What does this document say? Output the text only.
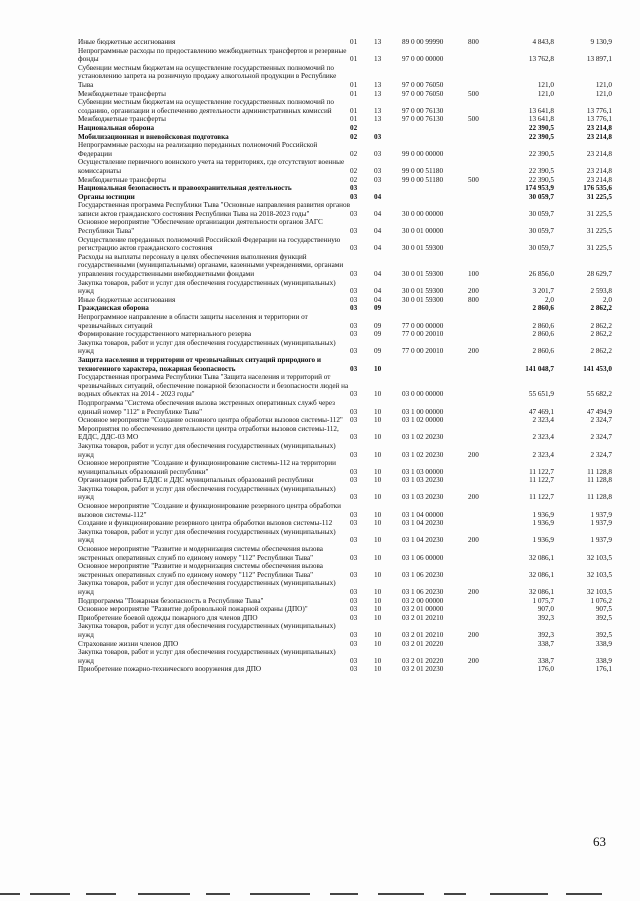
Иные бюджетные ассигнования	01	13	89 0 00 99990	800	4 843,8	9 130,9
Непрограммные расходы по предоставлению межбюджетных трансфертов и резервные фонды	01	13	97 0 00 00000		13 762,8	13 897,1
Субвенции местным бюджетам на осуществление государственных полномочий по установлению запрета на розничную продажу алкогольной продукции в Республике Тыва	01	13	97 0 00 76050		121,0	121,0
Межбюджетные трансферты	01	13	97 0 00 76050	500	121,0	121,0
Субвенции местным бюджетам на осуществление государственных полномочий по созданию, организации и обеспечению деятельности административных комиссий	01	13	97 0 00 76130		13 641,8	13 776,1
Межбюджетные трансферты	01	13	97 0 00 76130	500	13 641,8	13 776,1
Национальная оборона	02				22 390,5	23 214,8
Мобилизационная и вневойсковая подготовка	02	03			22 390,5	23 214,8
Непрограммные расходы на реализацию переданных полномочий Российской Федерации	02	03	99 0 00 00000		22 390,5	23 214,8
Осуществление первичного воинского учета на территориях, где отсутствуют военные комиссариаты	02	03	99 0 00 51180		22 390,5	23 214,8
Межбюджетные трансферты	02	03	99 0 00 51180	500	22 390,5	23 214,8
Национальная безопасность и правоохранительная деятельность	03				174 953,9	176 535,6
Органы юстиции	03	04			30 059,7	31 225,5
Государственная программа Республики Тыва "Основные направления развития органов записи актов гражданского состояния Республики Тыва на 2018-2023 годы"	03	04	30 0 00 00000		30 059,7	31 225,5
Основное мероприятие "Обеспечение организации деятельности органов ЗАГС Республики Тыва"	03	04	30 0 01 00000		30 059,7	31 225,5
Осуществление переданных полномочий Российской Федерации на государственную регистрацию актов гражданского состояния	03	04	30 0 01 59300		30 059,7	31 225,5
Расходы на выплаты персоналу в целях обеспечения выполнения функций государственными (муниципальными) органами, казенными учреждениями, органами управления государственными внебюджетными фондами	03	04	30 0 01 59300	100	26 856,0	28 629,7
Закупка товаров, работ и услуг для обеспечения государственных (муниципальных) нужд	03	04	30 0 01 59300	200	3 201,7	2 593,8
Иные бюджетные ассигнования	03	04	30 0 01 59300	800	2,0	2,0
Гражданская оборона	03	09			2 860,6	2 862,2
Непрограммное направление в области защиты населения и территории от чрезвычайных ситуаций	03	09	77 0 00 00000		2 860,6	2 862,2
Формирование государственного материального резерва	03	09	77 0 00 20010		2 860,6	2 862,2
Закупка товаров, работ и услуг для обеспечения государственных (муниципальных) нужд	03	09	77 0 00 20010	200	2 860,6	2 862,2
Защита населения и территории от чрезвычайных ситуаций природного и техногенного характера, пожарная безопасность	03	10			141 048,7	141 453,0
Государственная программа Республики Тыва "Защита населения и территорий от чрезвычайных ситуаций, обеспечение пожарной безопасности и безопасности людей на водных объектах на 2014 - 2023 годы"	03	10	03 0 00 00000		55 651,9	55 682,2
Подпрограмма "Система обеспечения вызова экстренных оперативных служб через единый номер "112" в Республике Тыва"	03	10	03 1 00 00000		47 469,1	47 494,9
Основное мероприятие "Создание основного центра обработки вызовов системы-112"	03	10	03 1 02 00000		2 323,4	2 324,7
Мероприятия по обеспечению деятельности центра отработки вызовов системы-112, ЕДДС, ДДС-03 МО	03	10	03 1 02 20230		2 323,4	2 324,7
Закупка товаров, работ и услуг для обеспечения государственных (муниципальных) нужд	03	10	03 1 02 20230	200	2 323,4	2 324,7
Основное мероприятие "Создание и функционирование системы-112 на территории муниципальных образований республики"	03	10	03 1 03 00000		11 122,7	11 128,8
Организация работы ЕДДС и ДДС муниципальных образований республики	03	10	03 1 03 20230		11 122,7	11 128,8
Закупка товаров, работ и услуг для обеспечения государственных (муниципальных) нужд	03	10	03 1 03 20230	200	11 122,7	11 128,8
Основное мероприятие "Создание и функционирование резервного центра обработки вызовов системы-112"	03	10	03 1 04 00000		1 936,9	1 937,9
Создание и функционирование резервного центра обработки вызовов системы-112	03	10	03 1 04 20230		1 936,9	1 937,9
Закупка товаров, работ и услуг для обеспечения государственных (муниципальных) нужд	03	10	03 1 04 20230	200	1 936,9	1 937,9
Основное мероприятие "Развитие и модернизация системы обеспечения вызова экстренных оперативных служб по единому номеру "112" Республики Тыва"	03	10	03 1 06 00000		32 086,1	32 103,5
Основное мероприятие "Развитие и модернизация системы обеспечения вызова экстренных оперативных служб по единому номеру "112" Республики Тыва"	03	10	03 1 06 20230		32 086,1	32 103,5
Закупка товаров, работ и услуг для обеспечения государственных (муниципальных) нужд	03	10	03 1 06 20230	200	32 086,1	32 103,5
Подпрограмма "Пожарная безопасность в Республике Тыва"	03	10	03 2 00 00000		1 075,7	1 076,2
Основное мероприятие "Развитие добровольной пожарной охраны (ДПО)"	03	10	03 2 01 00000		907,0	907,5
Приобретение боевой одежды пожарного для членов ДПО	03	10	03 2 01 20210		392,3	392,5
Закупка товаров, работ и услуг для обеспечения государственных (муниципальных) нужд	03	10	03 2 01 20210	200	392,3	392,5
Страхование жизни членов ДПО	03	10	03 2 01 20220		338,7	338,9
Закупка товаров, работ и услуг для обеспечения государственных (муниципальных) нужд	03	10	03 2 01 20220	200	338,7	338,9
Приобретение пожарно-технического вооружения для ДПО	03	10	03 2 01 20230		176,0	176,1
63
